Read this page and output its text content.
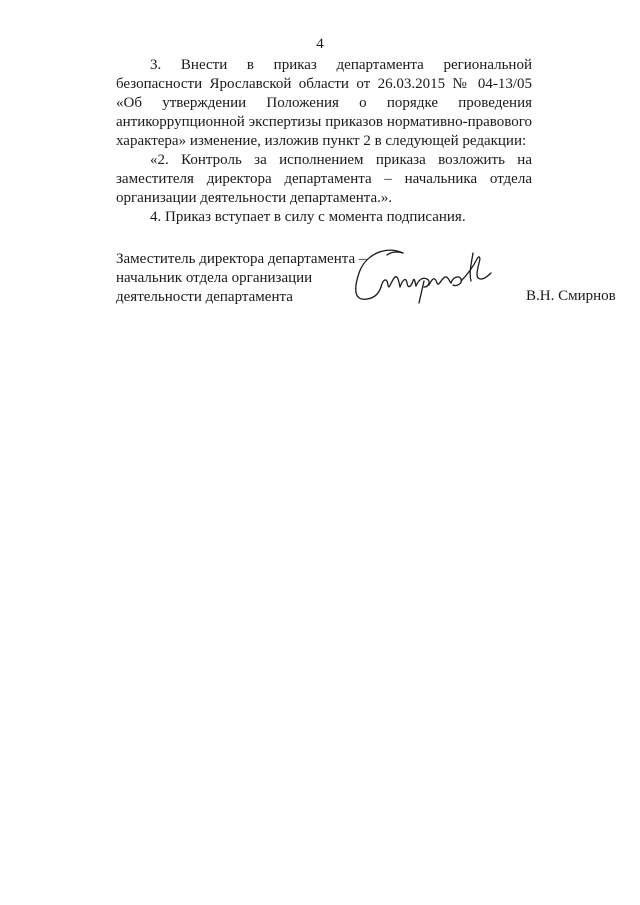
4

3. Внести в приказ департамента региональной безопасности Ярославской области от 26.03.2015 № 04-13/05 «Об утверждении Положения о порядке проведения антикоррупционной экспертизы приказов нормативно-правового характера» изменение, изложив пункт 2 в следующей редакции:

«2. Контроль за исполнением приказа возложить на заместителя директора департамента – начальника отдела организации деятельности департамента.».

4. Приказ вступает в силу с момента подписания.

Заместитель директора департамента –
начальник отдела организации
деятельности департамента	В.Н. Смирнов
